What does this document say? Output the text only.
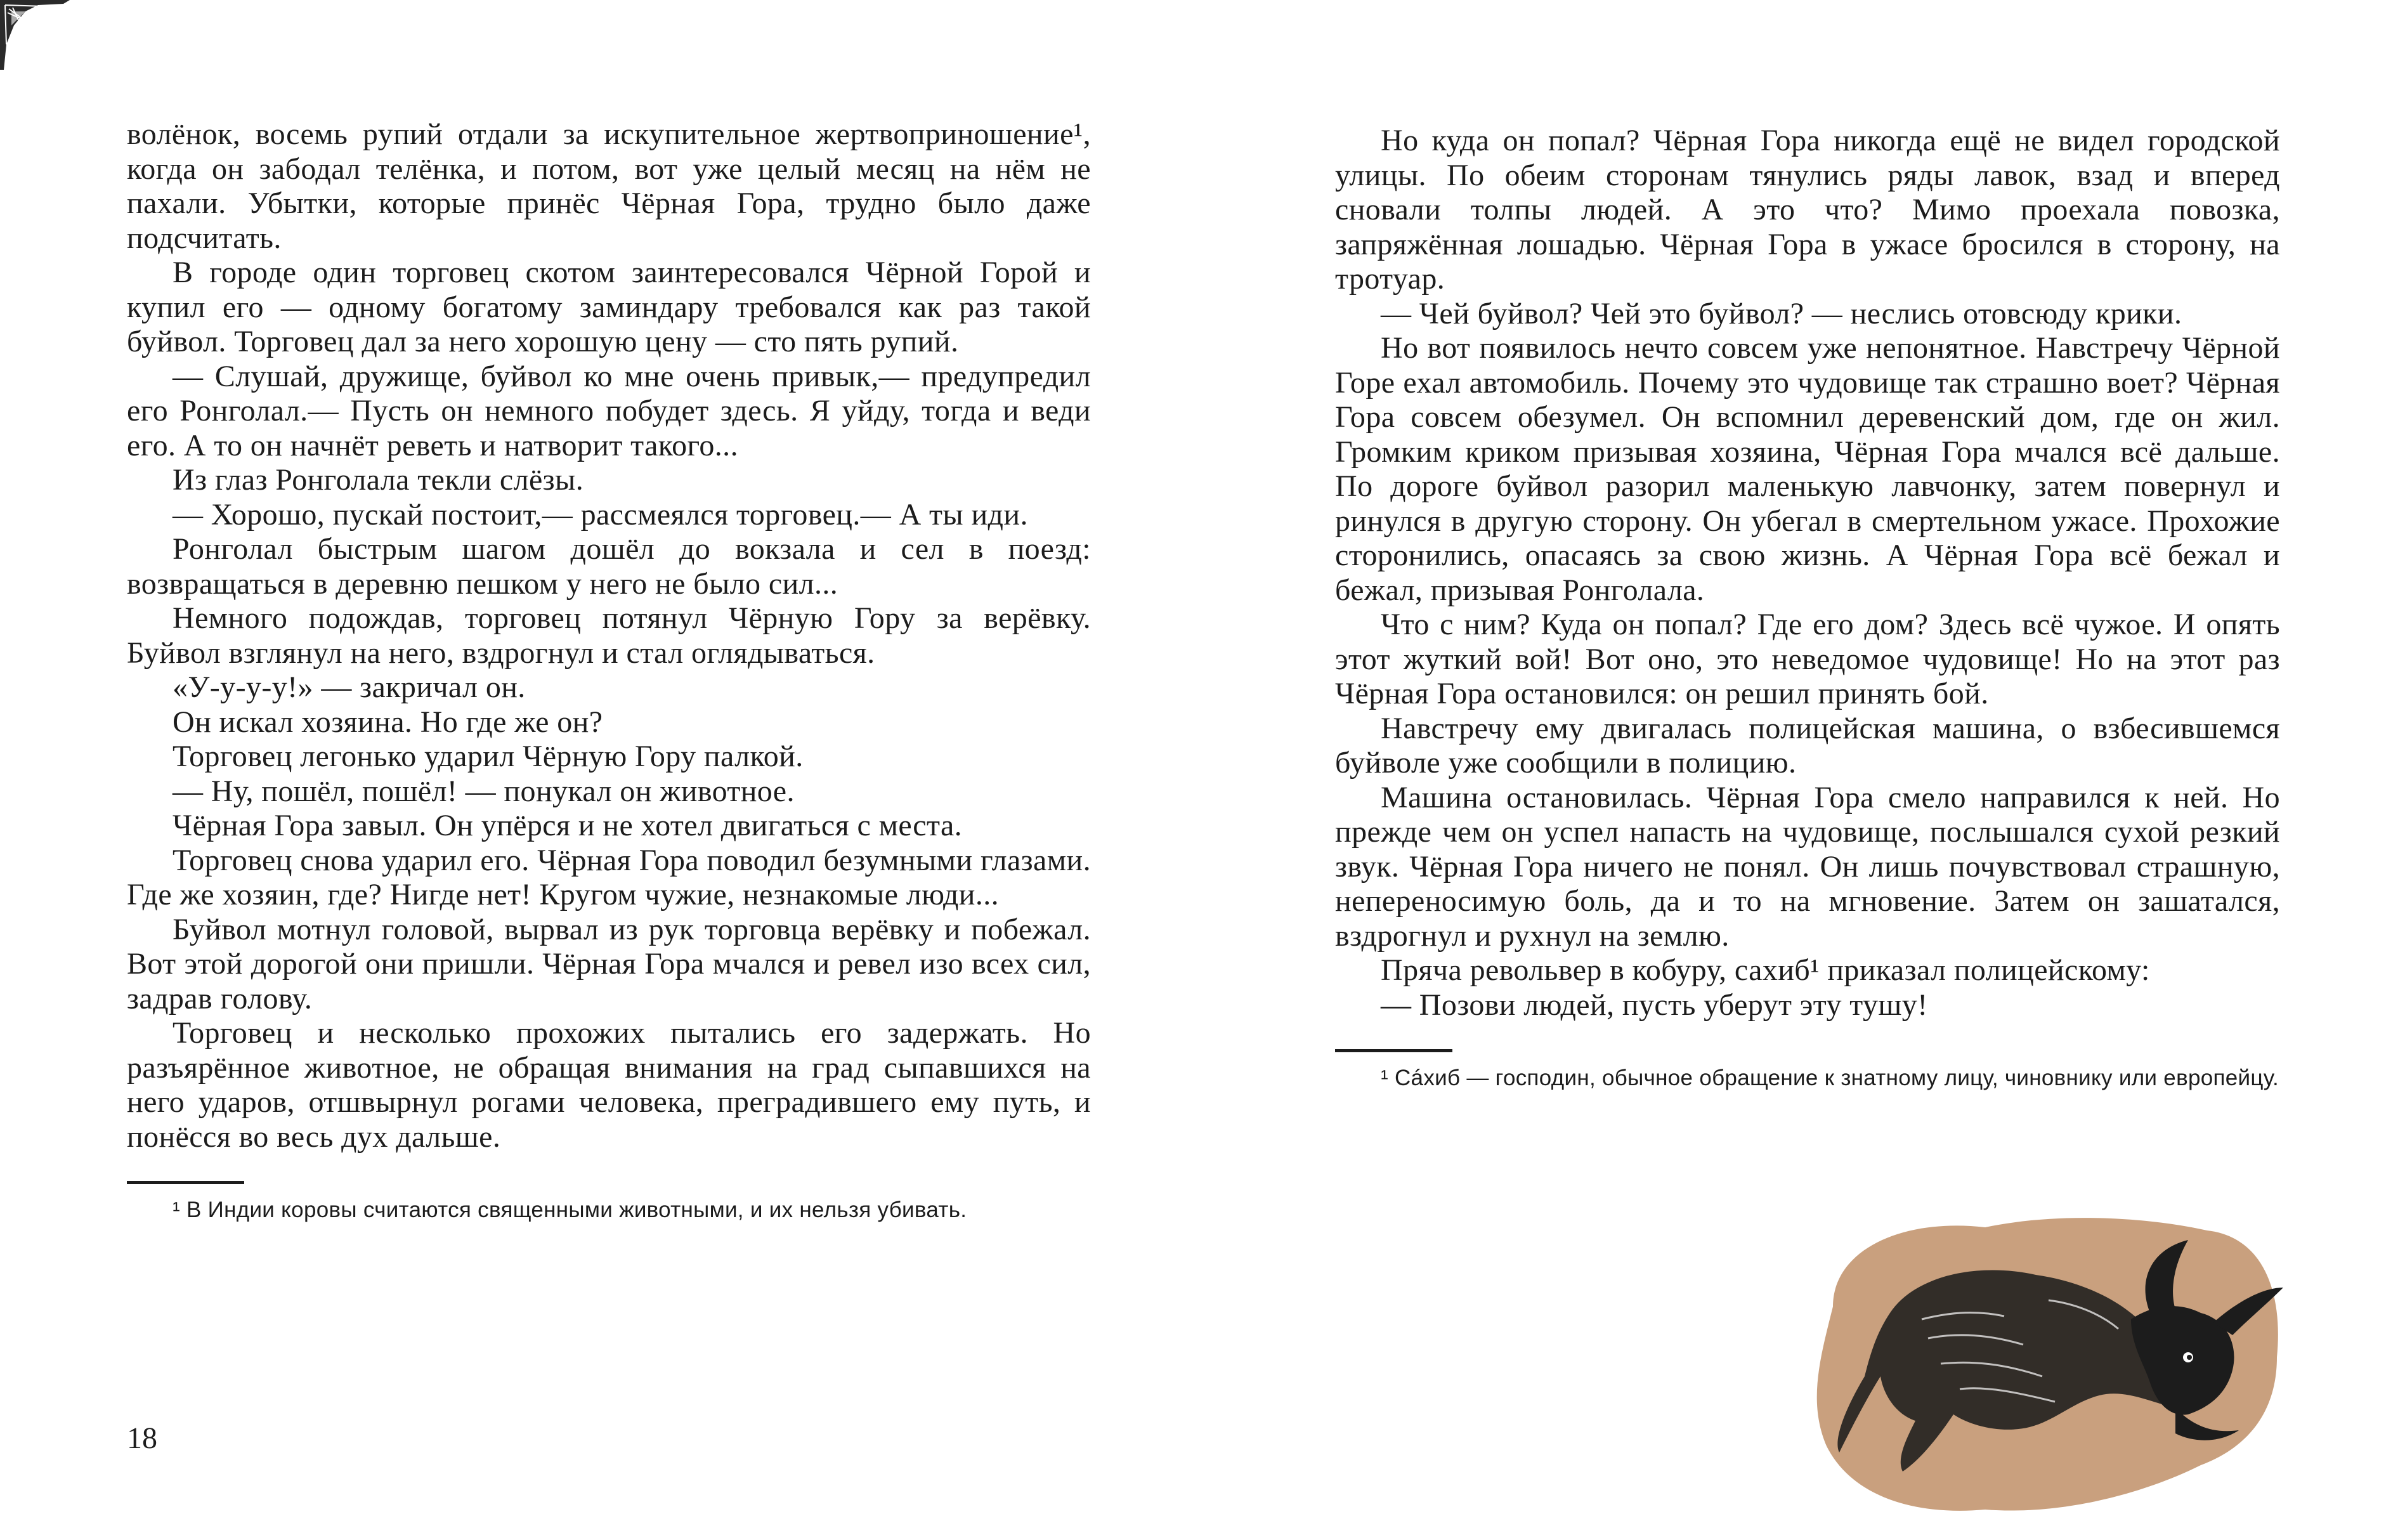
волёнок, восемь рупий отдали за искупительное жертвоприношение¹, когда он забодал телёнка, и потом, вот уже целый месяц на нём не пахали. Убытки, которые принёс Чёрная Гора, трудно было даже подсчитать.

В городе один торговец скотом заинтересовался Чёрной Горой и купил его — одному богатому заминдару требовался как раз такой буйвол. Торговец дал за него хорошую цену — сто пять рупий.

— Слушай, дружище, буйвол ко мне очень привык,— предупредил его Ронголал.— Пусть он немного побудет здесь. Я уйду, тогда и веди его. А то он начнёт реветь и натворит такого...

Из глаз Ронголала текли слёзы.

— Хорошо, пускай постоит,— рассмеялся торговец.— А ты иди.

Ронголал быстрым шагом дошёл до вокзала и сел в поезд: возвращаться в деревню пешком у него не было сил...

Немного подождав, торговец потянул Чёрную Гору за верёвку. Буйвол взглянул на него, вздрогнул и стал оглядываться.

«У-у-у-у!» — закричал он.

Он искал хозяина. Но где же он?

Торговец легонько ударил Чёрную Гору палкой.

— Ну, пошёл, пошёл! — понукал он животное.

Чёрная Гора завыл. Он упёрся и не хотел двигаться с места.

Торговец снова ударил его. Чёрная Гора поводил безумными глазами. Где же хозяин, где? Нигде нет! Кругом чужие, незнакомые люди...

Буйвол мотнул головой, вырвал из рук торговца верёвку и побежал. Вот этой дорогой они пришли. Чёрная Гора мчался и ревел изо всех сил, задрав голову.

Торговец и несколько прохожих пытались его задержать. Но разъярённое животное, не обращая внимания на град сыпавшихся на него ударов, отшвырнул рогами человека, преградившего ему путь, и понёсся во весь дух дальше.

¹ В Индии коровы считаются священными животными, и их нельзя убивать.

18

Но куда он попал? Чёрная Гора никогда ещё не видел городской улицы. По обеим сторонам тянулись ряды лавок, взад и вперед сновали толпы людей. А это что? Мимо проехала повозка, запряжённая лошадью. Чёрная Гора в ужасе бросился в сторону, на тротуар.

— Чей буйвол? Чей это буйвол? — неслись отовсюду крики.

Но вот появилось нечто совсем уже непонятное. Навстречу Чёрной Горе ехал автомобиль. Почему это чудовище так страшно воет? Чёрная Гора совсем обезумел. Он вспомнил деревенский дом, где он жил. Громким криком призывая хозяина, Чёрная Гора мчался всё дальше. По дороге буйвол разорил маленькую лавчонку, затем повернул и ринулся в другую сторону. Он убегал в смертельном ужасе. Прохожие сторонились, опасаясь за свою жизнь. А Чёрная Гора всё бежал и бежал, призывая Ронголала.

Что с ним? Куда он попал? Где его дом? Здесь всё чужое. И опять этот жуткий вой! Вот оно, это неведомое чудовище! Но на этот раз Чёрная Гора остановился: он решил принять бой.

Навстречу ему двигалась полицейская машина, о взбесившемся буйволе уже сообщили в полицию.

Машина остановилась. Чёрная Гора смело направился к ней. Но прежде чем он успел напасть на чудовище, послышался сухой резкий звук. Чёрная Гора ничего не понял. Он лишь почувствовал страшную, непереносимую боль, да и то на мгновение. Затем он зашатался, вздрогнул и рухнул на землю.

Пряча револьвер в кобуру, сахиб¹ приказал полицейскому:

— Позови людей, пусть уберут эту тушу!

¹ Сáхиб — господин, обычное обращение к знатному лицу, чиновнику или европейцу.
